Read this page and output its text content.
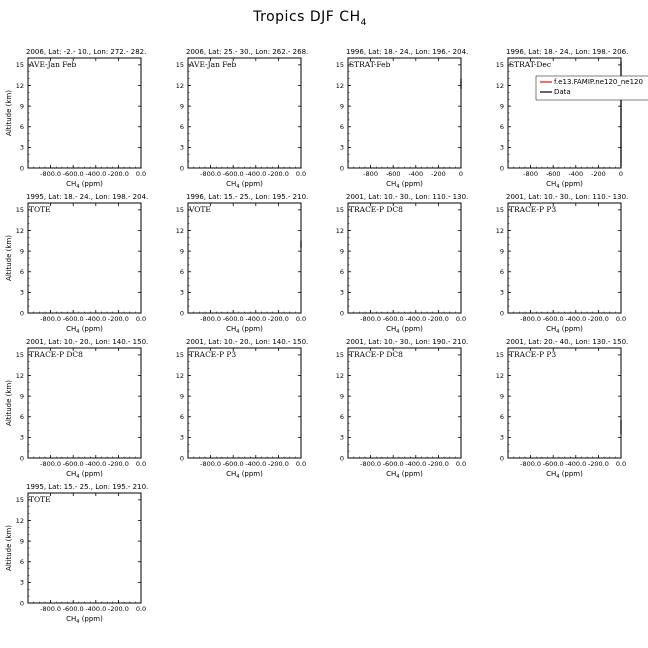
Tropics DJF $CH_4$
2006, Lat: -2.- 10., Lon: 272.- 282.
AVE-Jan Feb
-800.0 -600.0 -400.0 -200.0 0.0
0
3
6
9
12
15
$CH_4$ (ppm)
Altitude (km)
2006, Lat: 25.- 30., Lon: 262.- 268.
AVE-Jan Feb
-800.0 -600.0 -400.0 -200.0 0.0
0
3
6
9
12
15
$CH_4$ (ppm)
1996, Lat: 18.- 24., Lon: 196.- 204.
STRAT-Feb
-800 -600 -400 -200 0
0
3
6
9
12
15
$CH_4$ (ppm)
1996, Lat: 18.- 24., Lon: 198.- 206.
STRAT-Dec
-800 -600 -400 -200 0
0
3
6
9
12
15
$CH_4$ (ppm)
f.e13.FAMIP.ne120_ne120
Data
1995, Lat: 18.- 24., Lon: 198.- 204.
TOTE
-800.0 -600.0 -400.0 -200.0 0.0
0
3
6
9
12
15
$CH_4$ (ppm)
Altitude (km)
1996, Lat: 15.- 25., Lon: 195.- 210.
VOTE
-800.0 -600.0 -400.0 -200.0 0.0
0
3
6
9
12
15
$CH_4$ (ppm)
2001, Lat: 10.- 30., Lon: 110.- 130.
TRACE-P DC8
-800.0 -600.0 -400.0 -200.0 0.0
0
3
6
9
12
15
$CH_4$ (ppm)
2001, Lat: 10.- 30., Lon: 110.- 130.
TRACE-P P3
-800.0 -600.0 -400.0 -200.0 0.0
0
3
6
9
12
15
$CH_4$ (ppm)
2001, Lat: 10.- 20., Lon: 140.- 150.
TRACE-P DC8
-800.0 -600.0 -400.0 -200.0 0.0
0
3
6
9
12
15
$CH_4$ (ppm)
Altitude (km)
2001, Lat: 10.- 20., Lon: 140.- 150.
TRACE-P P3
-800.0 -600.0 -400.0 -200.0 0.0
0
3
6
9
12
15
$CH_4$ (ppm)
2001, Lat: 10.- 30., Lon: 190.- 210.
TRACE-P DC8
-800.0 -600.0 -400.0 -200.0 0.0
0
3
6
9
12
15
$CH_4$ (ppm)
2001, Lat: 20.- 40., Lon: 130.- 150.
TRACE-P P3
-800.0 -600.0 -400.0 -200.0 0.0
0
3
6
9
12
15
$CH_4$ (ppm)
1995, Lat: 15.- 25., Lon: 195.- 210.
TOTE
-800.0 -600.0 -400.0 -200.0 0.0
0
3
6
9
12
15
$CH_4$ (ppm)
Altitude (km)
